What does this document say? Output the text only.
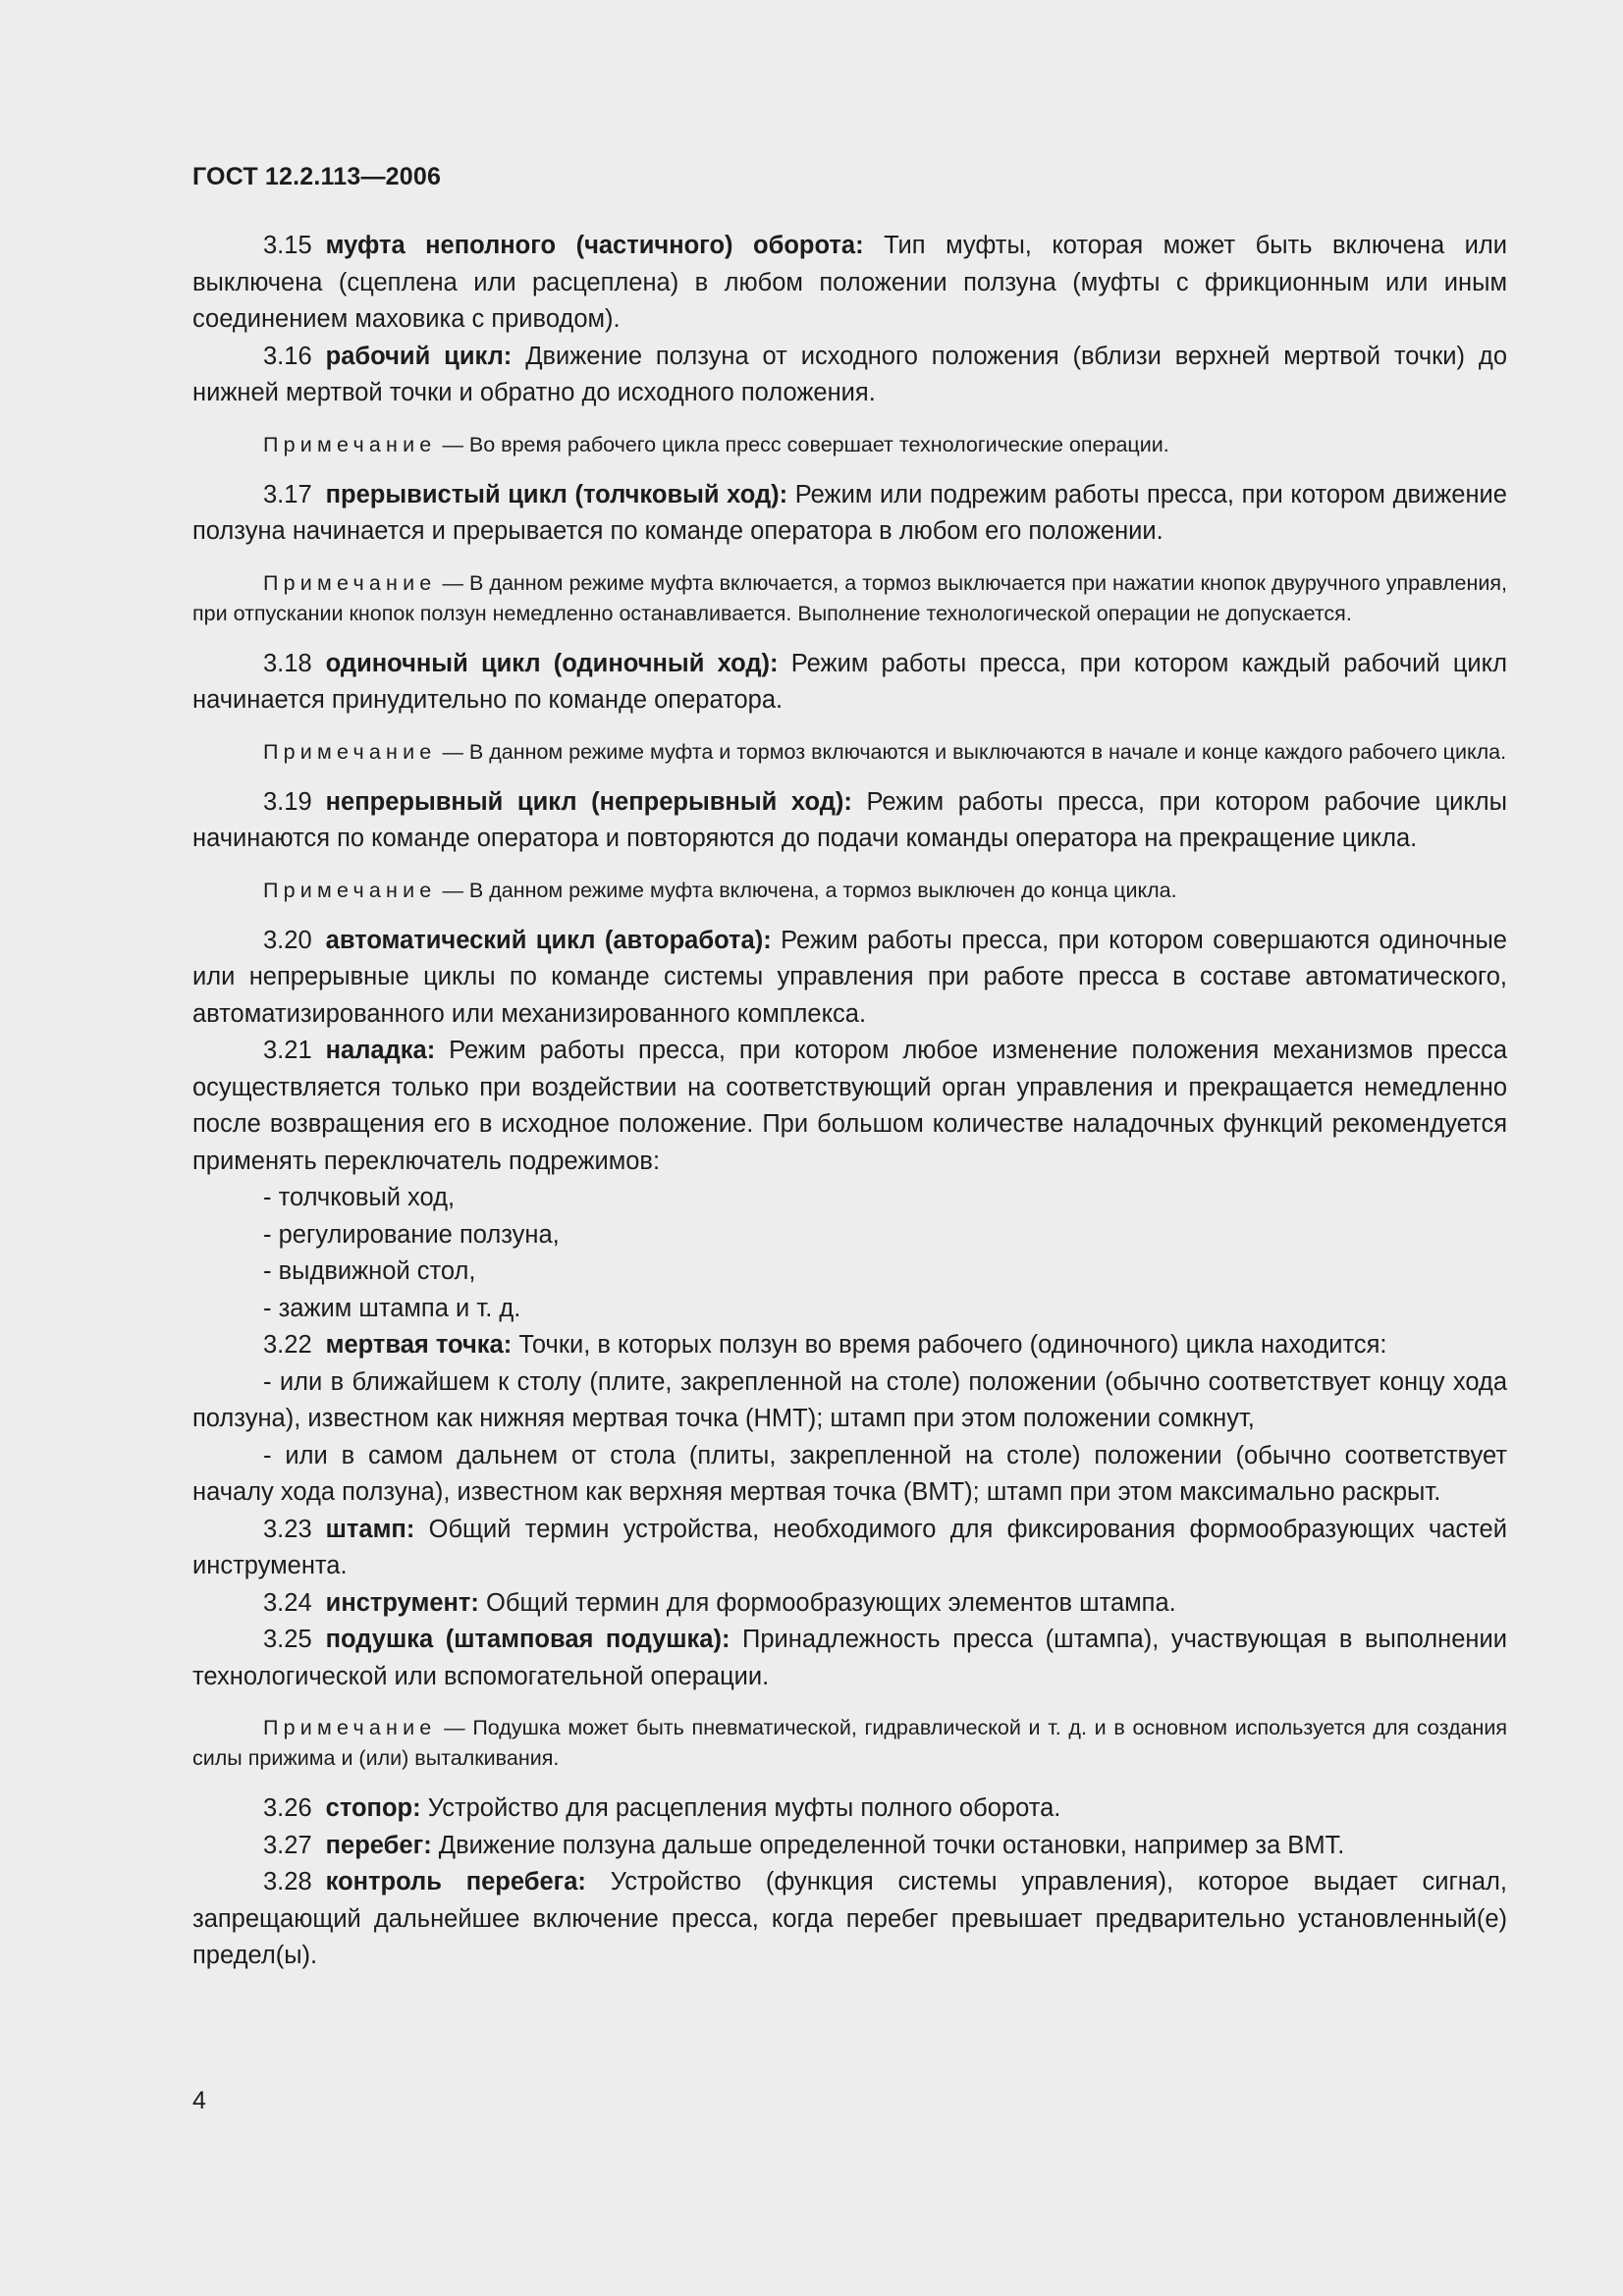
ГОСТ 12.2.113—2006

3.15 муфта неполного (частичного) оборота: Тип муфты, которая может быть включена или выключена (сцеплена или расцеплена) в любом положении ползуна (муфты с фрикционным или иным соединением маховика с приводом).

3.16 рабочий цикл: Движение ползуна от исходного положения (вблизи верхней мертвой точки) до нижней мертвой точки и обратно до исходного положения.

Примечание — Во время рабочего цикла пресс совершает технологические операции.

3.17 прерывистый цикл (толчковый ход): Режим или подрежим работы пресса, при котором движение ползуна начинается и прерывается по команде оператора в любом его положении.

Примечание — В данном режиме муфта включается, а тормоз выключается при нажатии кнопок двуручного управления, при отпускании кнопок ползун немедленно останавливается. Выполнение технологической операции не допускается.

3.18 одиночный цикл (одиночный ход): Режим работы пресса, при котором каждый рабочий цикл начинается принудительно по команде оператора.

Примечание — В данном режиме муфта и тормоз включаются и выключаются в начале и конце каждого рабочего цикла.

3.19 непрерывный цикл (непрерывный ход): Режим работы пресса, при котором рабочие циклы начинаются по команде оператора и повторяются до подачи команды оператора на прекращение цикла.

Примечание — В данном режиме муфта включена, а тормоз выключен до конца цикла.

3.20 автоматический цикл (авторабота): Режим работы пресса, при котором совершаются одиночные или непрерывные циклы по команде системы управления при работе пресса в составе автоматического, автоматизированного или механизированного комплекса.

3.21 наладка: Режим работы пресса, при котором любое изменение положения механизмов пресса осуществляется только при воздействии на соответствующий орган управления и прекращается немедленно после возвращения его в исходное положение. При большом количестве наладочных функций рекомендуется применять переключатель подрежимов:

- толчковый ход,

- регулирование ползуна,

- выдвижной стол,

- зажим штампа и т. д.

3.22 мертвая точка: Точки, в которых ползун во время рабочего (одиночного) цикла находится:

- или в ближайшем к столу (плите, закрепленной на столе) положении (обычно соответствует концу хода ползуна), известном как нижняя мертвая точка (НМТ); штамп при этом положении сомкнут,

- или в самом дальнем от стола (плиты, закрепленной на столе) положении (обычно соответствует началу хода ползуна), известном как верхняя мертвая точка (ВМТ); штамп при этом максимально раскрыт.

3.23 штамп: Общий термин устройства, необходимого для фиксирования формообразующих частей инструмента.

3.24 инструмент: Общий термин для формообразующих элементов штампа.

3.25 подушка (штамповая подушка): Принадлежность пресса (штампа), участвующая в выполнении технологической или вспомогательной операции.

Примечание — Подушка может быть пневматической, гидравлической и т. д. и в основном используется для создания силы прижима и (или) выталкивания.

3.26 стопор: Устройство для расцепления муфты полного оборота.

3.27 перебег: Движение ползуна дальше определенной точки остановки, например за ВМТ.

3.28 контроль перебега: Устройство (функция системы управления), которое выдает сигнал, запрещающий дальнейшее включение пресса, когда перебег превышает предварительно установленный(е) предел(ы).

4
